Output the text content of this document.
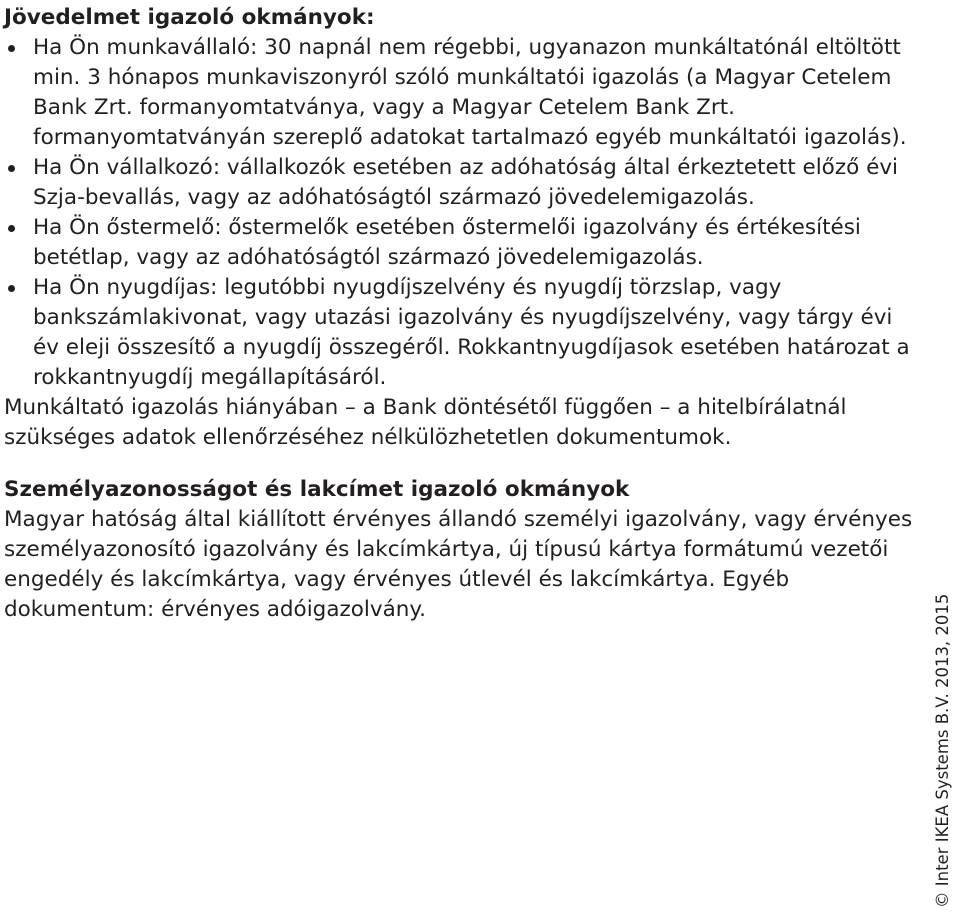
Jövedelmet igazoló okmányok:
Ha Ön munkavállaló: 30 napnál nem régebbi, ugyanazon munkáltatónál eltöltött min. 3 hónapos munkaviszonyról szóló munkáltatói igazolás (a Magyar Cetelem Bank Zrt. formanyomtatványa, vagy a Magyar Cetelem Bank Zrt. formanyomtatványán szereplő adatokat tartalmazó egyéb munkáltatói igazolás).
Ha Ön vállalkozó: vállalkozók esetében az adóhatóság által érkeztetett előző évi Szja-bevallás, vagy az adóhatóságtól származó jövedelemigazolás.
Ha Ön őstermelő: őstermelők esetében őstermelői igazolvány és értékesítési betétlap, vagy az adóhatóságtól származó jövedelemigazolás.
Ha Ön nyugdíjas: legutóbbi nyugdíjszelvény és nyugdíj törzslap, vagy bankszámlakivonat, vagy utazási igazolvány és nyugdíjszelvény, vagy tárgy évi év eleji összesítő a nyugdíj összegéről. Rokkantnyugdíjasok esetében határozat a rokkantnyugdíj megállapításáról.

Munkáltató igazolás hiányában – a Bank döntésétől függően – a hitelbírálatnál szükséges adatok ellenőrzéséhez nélkülözhetetlen dokumentumok.

Személyazonosságot és lakcímet igazoló okmányok

Magyar hatóság által kiállított érvényes állandó személyi igazolvány, vagy érvényes személyazonosító igazolvány és lakcímkártya, új típusú kártya formátumú vezetői engedély és lakcímkártya, vagy érvényes útlevél és lakcímkártya. Egyéb dokumentum: érvényes adóigazolvány.	© Inter IKEA Systems B.V. 2013, 2015
